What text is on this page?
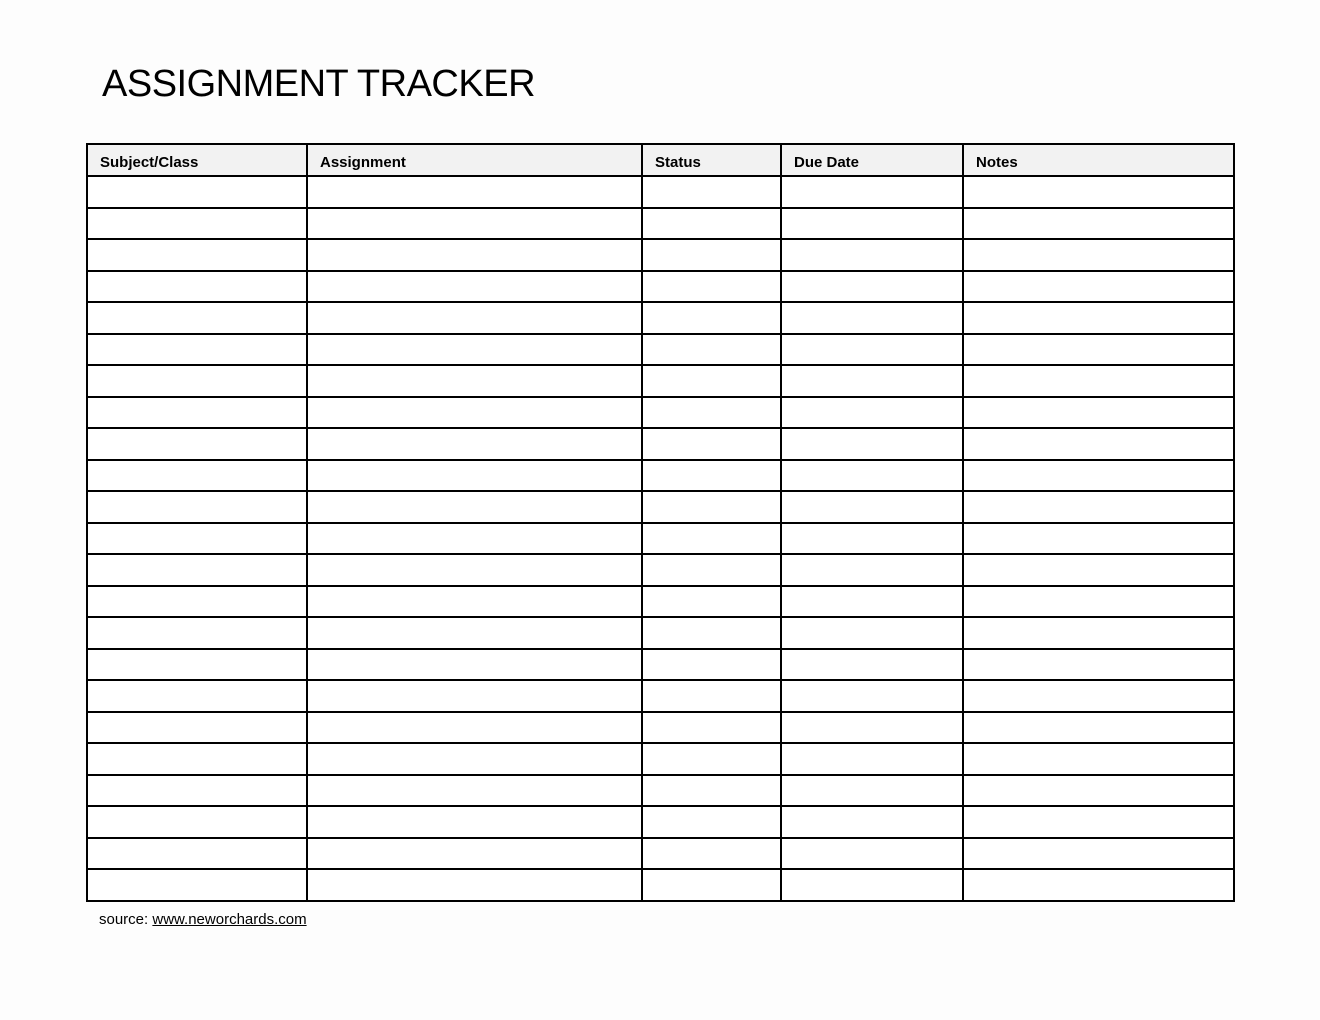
ASSIGNMENT TRACKER
Subject/Class	Assignment	Status	Due Date	Notes

source: www.neworchards.com
